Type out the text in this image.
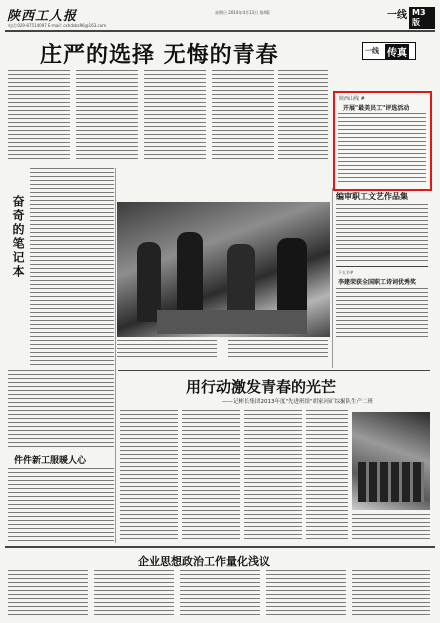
陕西工人报	星期日 2014年4月13日 第4版	一线 M3版
电话:029-87514097 E-mail: cxhdsbs96@163.com
庄严的选择 无悔的青春	一线 传真
陕西山线 #
开展"最美员工"评选活动
编审职工文艺作品集
下五节#
李建荣获全国职工诗词优秀奖
奋奇的笔记本
件件新工服暖人心
用行动激发青春的光芒
——记彬长集团2013年度"先进班组"胡家河矿综掘队生产二班
企业思想政治工作量化浅议
